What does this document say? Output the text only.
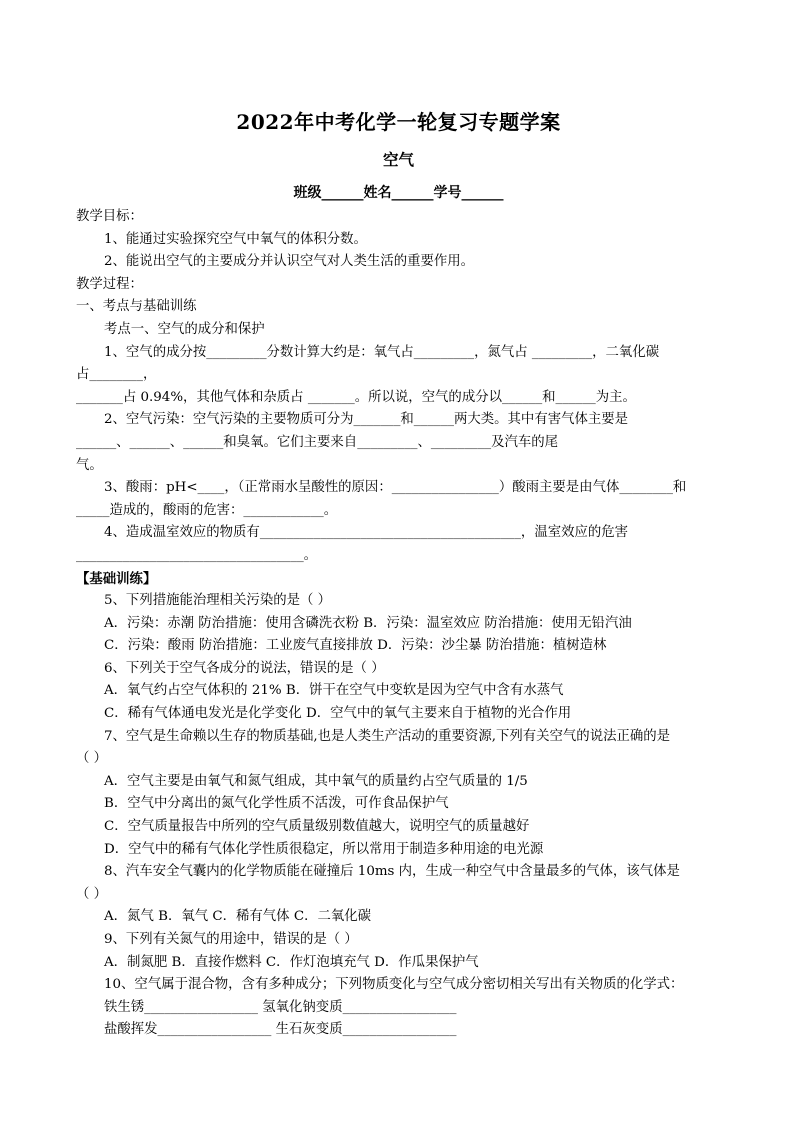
2022年中考化学一轮复习专题学案
空气
班级______姓名______学号______
教学目标：
1、能通过实验探究空气中氧气的体积分数。
2、能说出空气的主要成分并认识空气对人类生活的重要作用。
教学过程：
一、考点与基础训练
考点一、空气的成分和保护
1、空气的成分按_________分数计算大约是：氧气占_________，氮气占 _________，二氧化碳
占________，
_______占 0.94%，其他气体和杂质占 _______。所以说，空气的成分以______和______为主。
2、空气污染：空气污染的主要物质可分为_______和______两大类。其中有害气体主要是
______、______、______和臭氧。它们主要来自_________、_________及汽车的尾
气。
3、酸雨：pH<____，（正常雨水呈酸性的原因：________________）酸雨主要是由气体________和
_____造成的，酸雨的危害：____________。
4、造成温室效应的物质有_______________________________________，温室效应的危害
__________________________________。
【基础训练】
5、下列措施能治理相关污染的是（ ）
A．污染：赤潮 防治措施：使用含磷洗衣粉 B．污染：温室效应 防治措施：使用无铅汽油
C．污染：酸雨 防治措施：工业废气直接排放 D．污染：沙尘暴 防治措施：植树造林
6、下列关于空气各成分的说法，错误的是（ ）
A．氧气约占空气体积的 21% B．饼干在空气中变软是因为空气中含有水蒸气
C．稀有气体通电发光是化学变化 D．空气中的氧气主要来自于植物的光合作用
7、空气是生命赖以生存的物质基础,也是人类生产活动的重要资源,下列有关空气的说法正确的是
（ ）
A．空气主要是由氧气和氮气组成，其中氧气的质量约占空气质量的 1/5
B．空气中分离出的氮气化学性质不活泼，可作食品保护气
C．空气质量报告中所列的空气质量级别数值越大，说明空气的质量越好
D．空气中的稀有气体化学性质很稳定，所以常用于制造多种用途的电光源
8、汽车安全气囊内的化学物质能在碰撞后 10ms 内，生成一种空气中含量最多的气体，该气体是
（ ）
A．氮气 B．氧气 C．稀有气体 C．二氧化碳
9、下列有关氮气的用途中，错误的是（ ）
A．制氮肥 B．直接作燃料 C．作灯泡填充气 D．作瓜果保护气
10、空气属于混合物，含有多种成分；下列物质变化与空气成分密切相关写出有关物质的化学式：
铁生锈_________________ 氢氧化钠变质_________________
盐酸挥发_________________ 生石灰变质_________________
